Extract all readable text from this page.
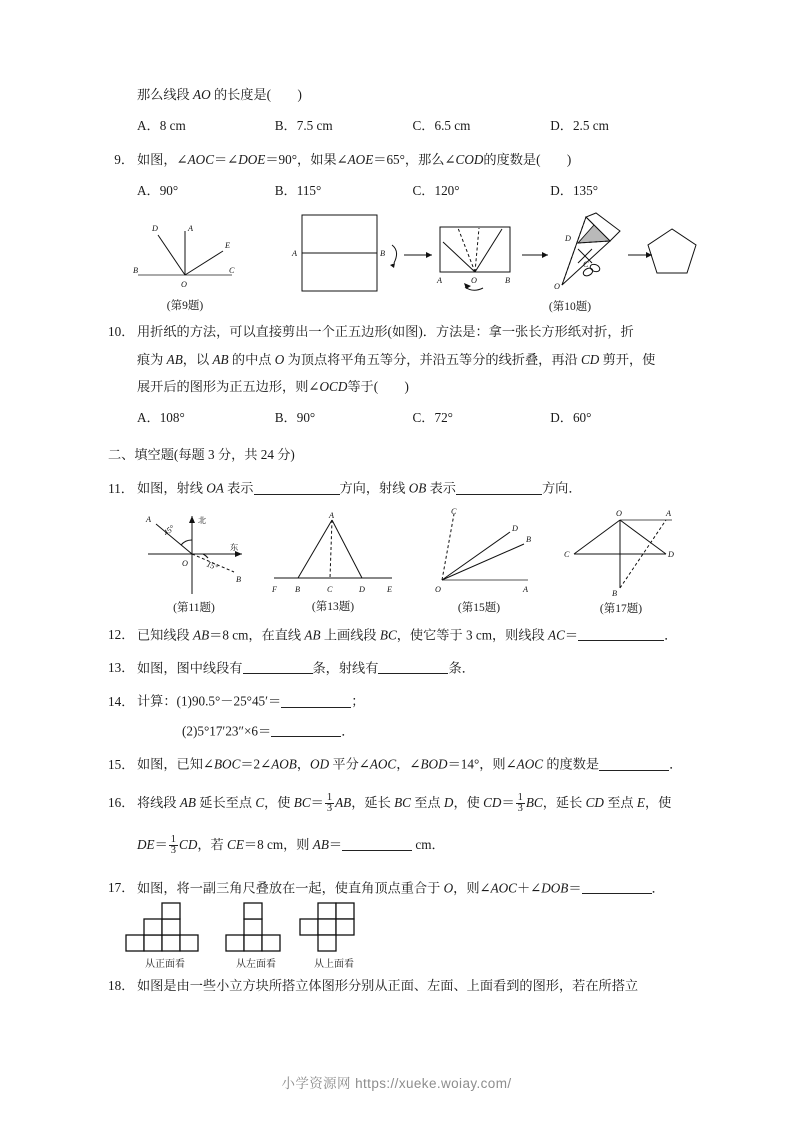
那么线段 AO 的长度是(　　)
A．8 cm	B．7.5 cm	C．6.5 cm	D．2.5 cm
9． 如图，∠AOC＝∠DOE＝90°，如果∠AOE＝65°，那么∠COD的度数是(　　)
A．90°	B．115°	C．120°	D．135°
D	A
E
B
O
C
(第9题)
A	B
A	O	B
D
C
O
(第10题)
10． 用折纸的方法，可以直接剪出一个正五边形(如图)．方法是：拿一张长方形纸对折，折
痕为 AB，以 AB 的中点 O 为顶点将平角五等分，并沿五等分的线折叠，再沿 CD 剪开，使
展开后的图形为正五边形，则∠OCD等于(　　)
A．108°	B．90°	C．72°	D．60°
二、填空题(每题 3 分，共 24 分)
11． 如图，射线 OA 表示	方向，射线 OB 表示	方向．
A	北
东
O
B
45°
15°
(第11题)
A
F B	C	D	E
(第13题)
C
D
B
O	A
(第15题)
O	A
C	D
B
(第17题)
12． 已知线段 AB＝8 cm，在直线 AB 上画线段 BC，使它等于 3 cm，则线段 AC＝	．
13． 如图，图中线段有	条，射线有	条．
14． 计算：(1)90.5°－25°45′＝	；
(2)5°17′23″×6＝	．
15． 如图，已知∠BOC＝2∠AOB，OD 平分∠AOC，∠BOD＝14°，则∠AOC 的度数是	．
16． 将线段 AB 延长至点 C，使 $BC= \frac{1}{3}$ AB，延长 BC 至点 D，使 $CD= \frac{1}{3}$ BC，延长 CD 至点 E，使
$DE= \frac{1}{3}$ CD，若 CE＝8 cm，则 AB＝	cm．
17． 如图，将一副三角尺叠放在一起，使直角顶点重合于 O，则∠AOC＋∠DOB＝	．
从正面看	从左面看	从上面看
18． 如图是由一些小立方块所搭立体图形分别从正面、左面、上面看到的图形，若在所搭立
小学资源网 https://xueke.woiay.com/
